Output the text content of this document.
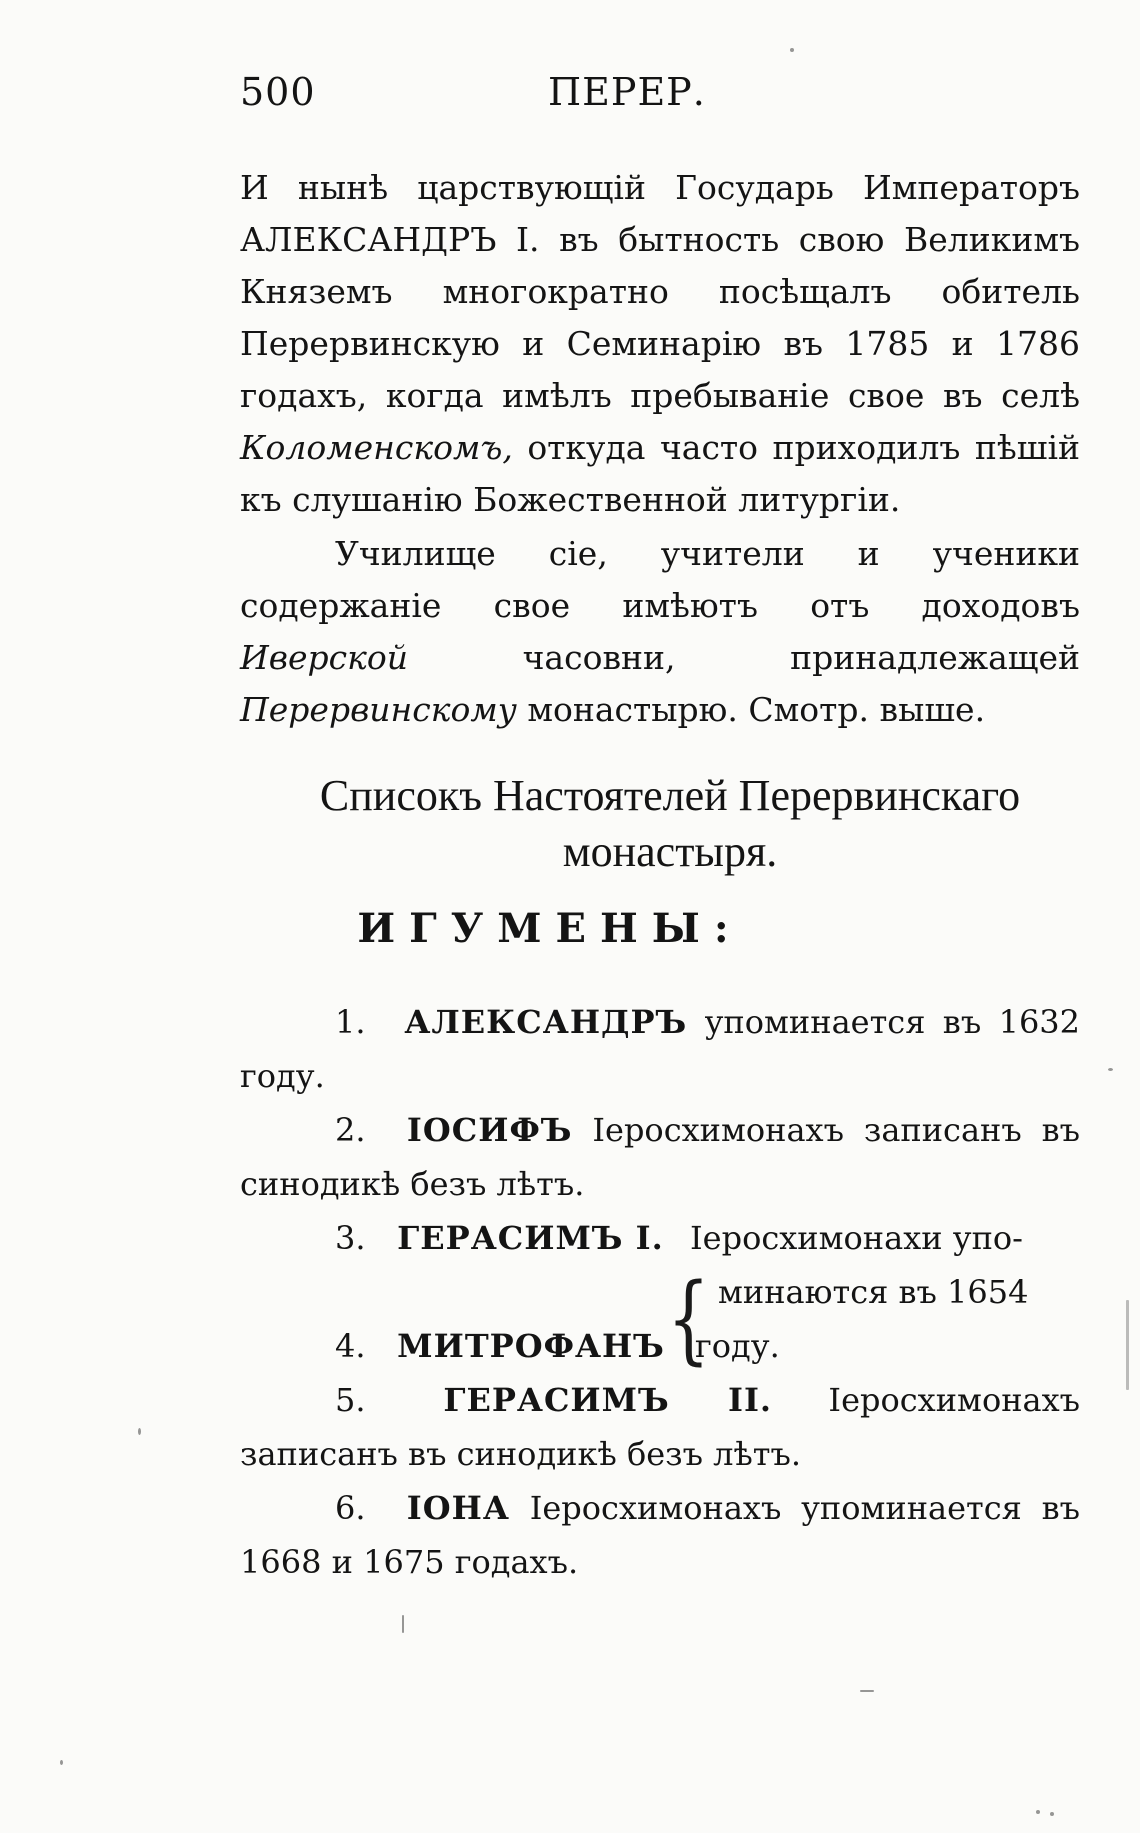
500	ПЕРЕР.
И нынѣ царствующій Государь Императоръ АЛЕКСАНДРЪ I. въ бытность свою Великимъ Княземъ многократно посѣщалъ обитель Перервинскую и Семинарію въ 1785 и 1786 годахъ, когда имѣлъ пребываніе свое въ селѣ Коломенскомъ, откуда часто приходилъ пѣшій къ слушанію Божественной литургіи.
Училище сіе, учители и ученики содержаніе свое имѣютъ отъ доходовъ Иверской	часовни, принадлежащей Перервинскому монастырю. Смотр. выше.
Списокъ Настоятелей Перервинскаго монастыря.
ИГУМЕНЫ:

1. АЛЕКСАНДРЪ упоминается въ 1632 году.

2. IОСИФЪ Іеросхимонахъ записанъ въ синодикѣ безъ лѣтъ.

3. ГЕРАСИМЪ I. Іеросхимонахи упо-
минаются въ 1654
{
4. МИТРОФАНЪ году.

5. ГЕРАСИМЪ II. Іеросхимонахъ записанъ въ синодикѣ безъ лѣтъ.

6. IОНА Іеросхимонахъ упоминается въ 1668 и 1675 годахъ.
